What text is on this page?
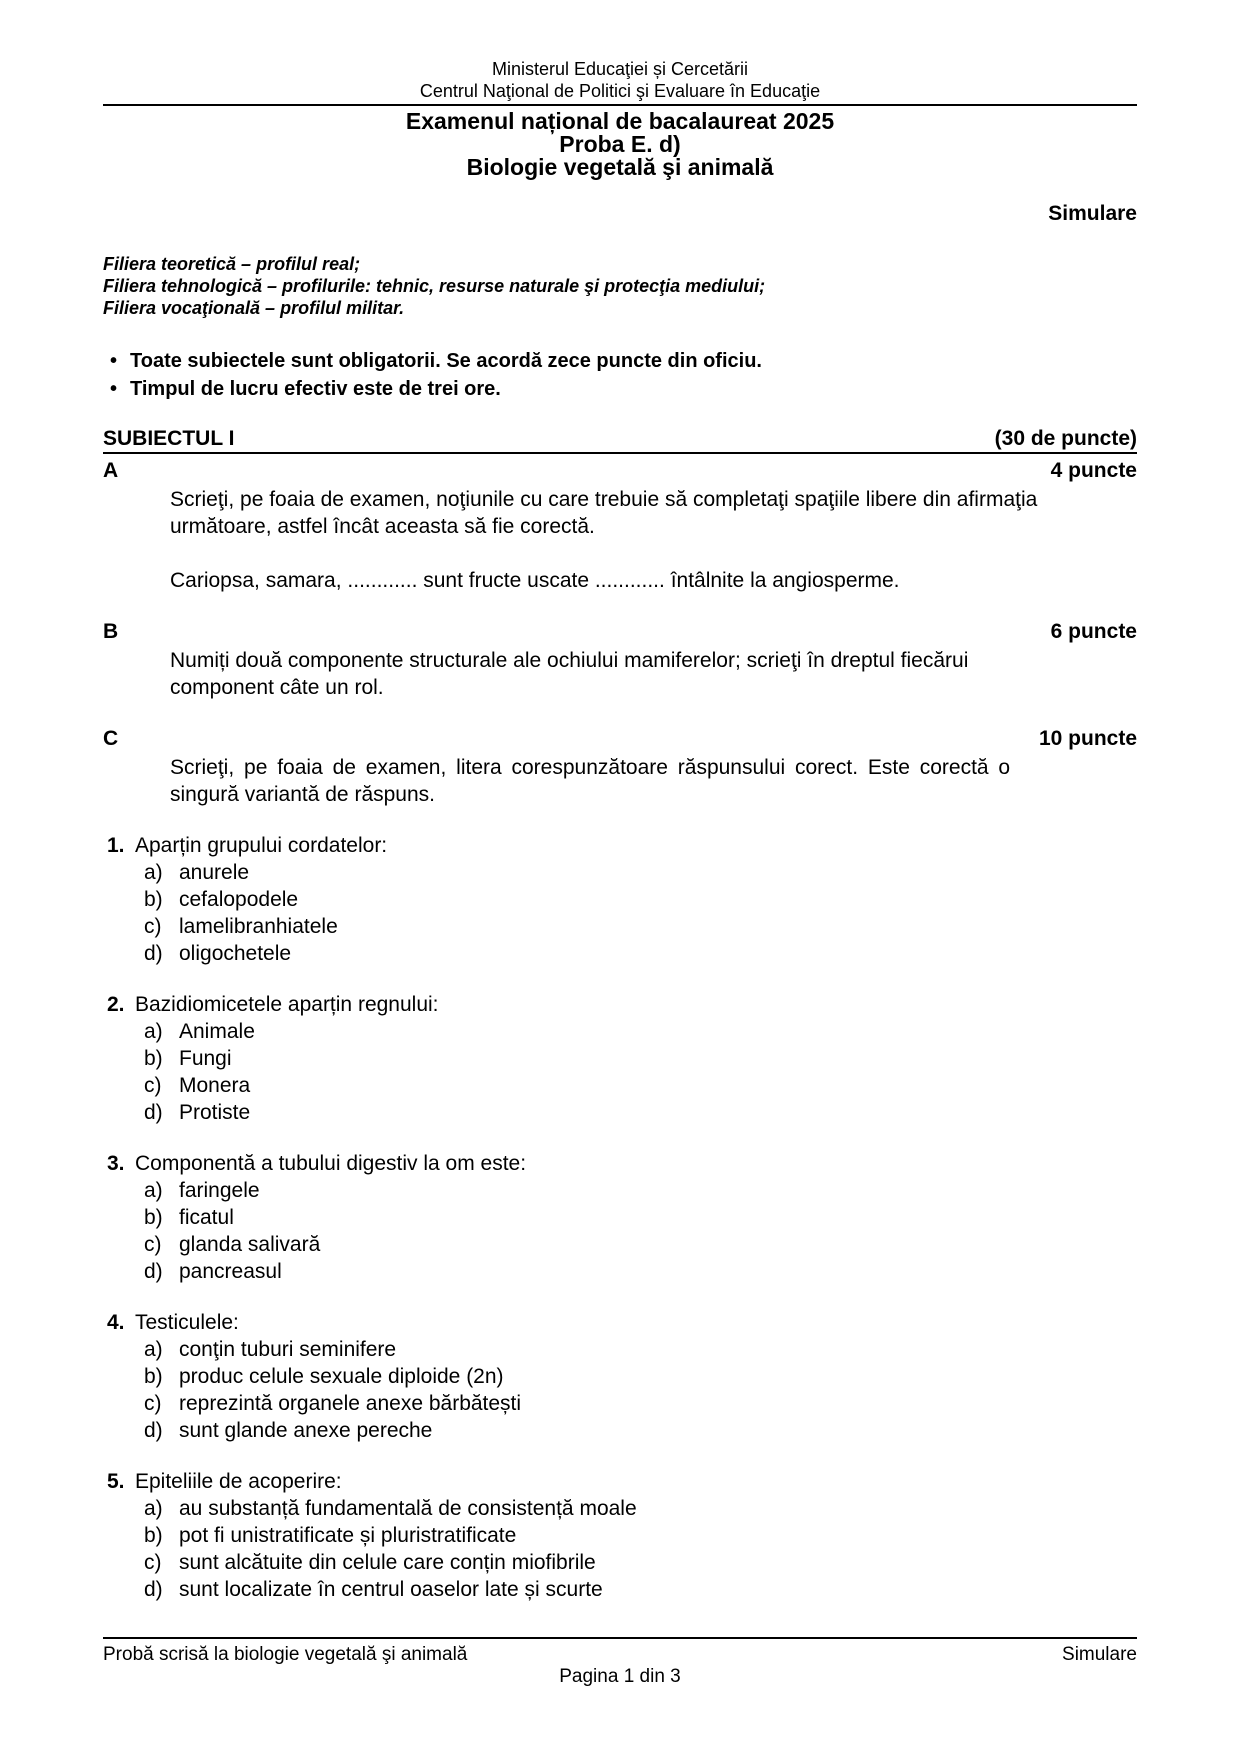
Ministerul Educaţiei și Cercetării
Centrul Naţional de Politici şi Evaluare în Educaţie
Examenul național de bacalaureat 2025
Proba E. d)
Biologie vegetală şi animală
Simulare
Filiera teoretică – profilul real;
Filiera tehnologică – profilurile: tehnic, resurse naturale şi protecţia mediului;
Filiera vocaţională – profilul militar.
• Toate subiectele sunt obligatorii. Se acordă zece puncte din oficiu.
• Timpul de lucru efectiv este de trei ore.
SUBIECTUL I	(30 de puncte)
A	4 puncte
Scrieţi, pe foaia de examen, noţiunile cu care trebuie să completaţi spaţiile libere din afirmaţia
următoare, astfel încât aceasta să fie corectă.
Cariopsa, samara, ............ sunt fructe uscate ............ întâlnite la angiosperme.
B	6 puncte
Numiți două componente structurale ale ochiului mamiferelor; scrieţi în dreptul fiecărui
component câte un rol.
C	10 puncte
Scrieţi, pe foaia de examen, litera corespunzătoare răspunsului corect. Este corectă o
singură variantă de răspuns.
1. Aparțin grupului cordatelor:
a) anurele
b) cefalopodele
c) lamelibranhiatele
d) oligochetele
2. Bazidiomicetele aparțin regnului:
a) Animale
b) Fungi
c) Monera
d) Protiste
3. Componentă a tubului digestiv la om este:
a) faringele
b) ficatul
c) glanda salivară
d) pancreasul
4. Testiculele:
a) conţin tuburi seminifere
b) produc celule sexuale diploide (2n)
c) reprezintă organele anexe bărbătești
d) sunt glande anexe pereche
5. Epiteliile de acoperire:
a) au substanță fundamentală de consistență moale
b) pot fi unistratificate și pluristratificate
c) sunt alcătuite din celule care conțin miofibrile
d) sunt localizate în centrul oaselor late și scurte
Probă scrisă la biologie vegetală şi animală	Simulare
Pagina 1 din 3
